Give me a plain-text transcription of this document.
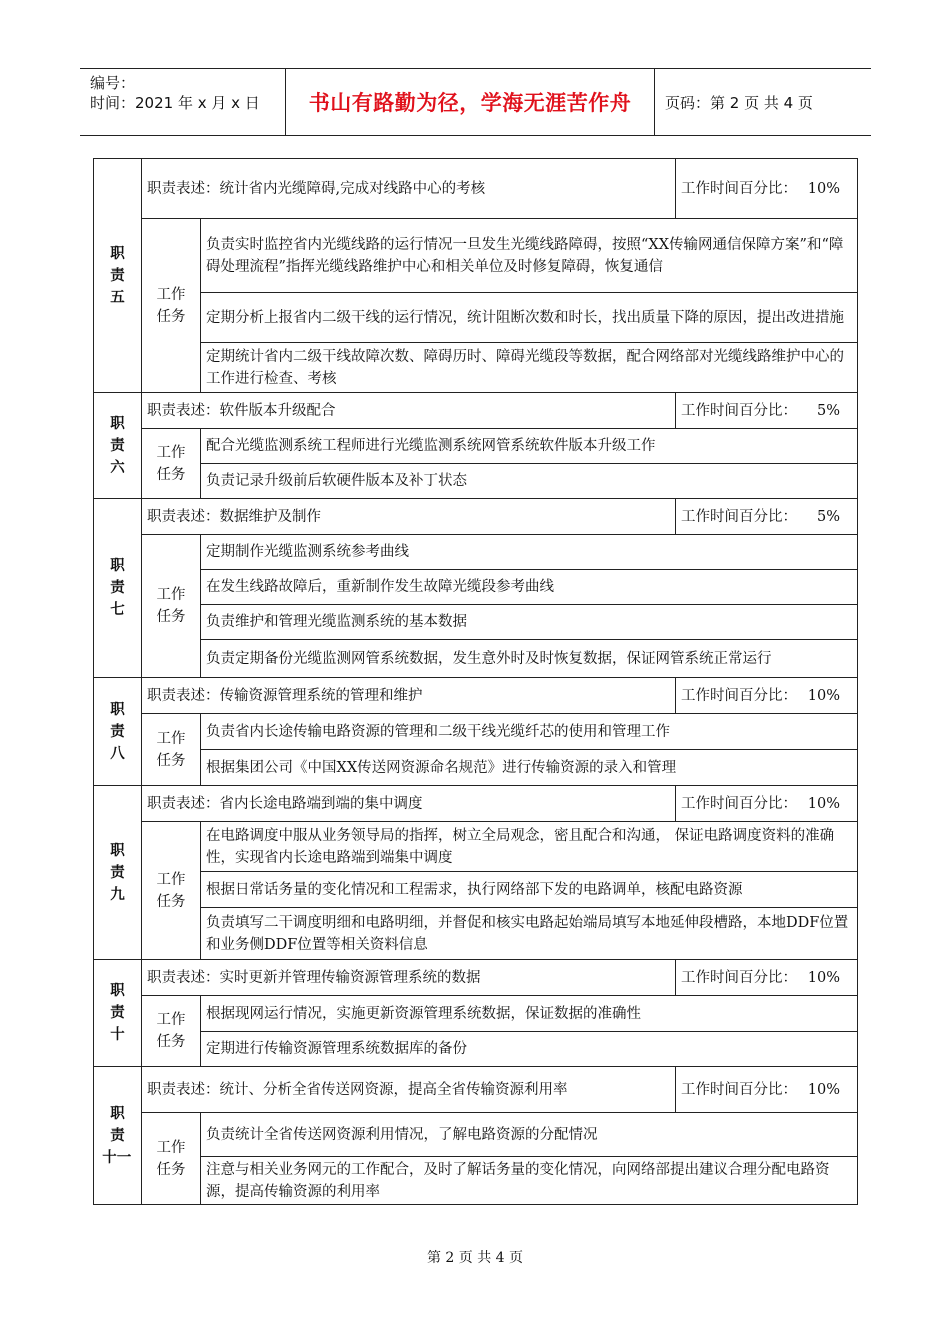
编号：
时间：2021 年 x 月 x 日	书山有路勤为径，学海无涯苦作舟	页码：第 2 页 共 4 页
职
责
五	职责表述：统计省内光缆障碍,完成对线路中心的考核		工作时间百分比： 10%

	工作
任务	负责实时监控省内光缆线路的运行情况一旦发生光缆线路障碍，按照“XX传输网通信保障方案”和“障碍处理流程”指挥光缆线路维护中心和相关单位及时修复障碍，恢复通信	
		定期分析上报省内二级干线的运行情况，统计阻断次数和时长，找出质量下降的原因，提出改进措施	
		定期统计省内二级干线故障次数、障碍历时、障碍光缆段等数据，配合网络部对光缆线路维护中心的工作进行检查、考核	

职
责
六	职责表述：软件版本升级配合		工作时间百分比： 5%

	工作
任务	配合光缆监测系统工程师进行光缆监测系统网管系统软件版本升级工作	
		负责记录升级前后软硬件版本及补丁状态	

职
责
七	职责表述：数据维护及制作		工作时间百分比： 5%

	工作
任务	定期制作光缆监测系统参考曲线	
		在发生线路故障后，重新制作发生故障光缆段参考曲线	
		负责维护和管理光缆监测系统的基本数据	
		负责定期备份光缆监测网管系统数据，发生意外时及时恢复数据，保证网管系统正常运行	

职
责
八	职责表述：传输资源管理系统的管理和维护		工作时间百分比： 10%

	工作
任务	负责省内长途传输电路资源的管理和二级干线光缆纤芯的使用和管理工作	
		根据集团公司《中国XX传送网资源命名规范》进行传输资源的录入和管理	

职
责
九	职责表述：省内长途电路端到端的集中调度		工作时间百分比： 10%

	工作
任务	在电路调度中服从业务领导局的指挥，树立全局观念，密且配合和沟通， 保证电路调度资料的准确性，实现省内长途电路端到端集中调度	
		根据日常话务量的变化情况和工程需求，执行网络部下发的电路调单，核配电路资源	
		负责填写二干调度明细和电路明细，并督促和核实电路起始端局填写本地延伸段槽路，本地DDF位置和业务侧DDF位置等相关资料信息	

职
责
十	职责表述：实时更新并管理传输资源管理系统的数据		工作时间百分比： 10%

	工作
任务	根据现网运行情况，实施更新资源管理系统数据，保证数据的准确性	
		定期进行传输资源管理系统数据库的备份	

职
责
十一	职责表述：统计、分析全省传送网资源，提高全省传输资源利用率		工作时间百分比： 10%

	工作
任务	负责统计全省传送网资源利用情况，了解电路资源的分配情况	
		注意与相关业务网元的工作配合，及时了解话务量的变化情况，向网络部提出建议合理分配电路资源，提高传输资源的利用率	
第 2 页 共 4 页
